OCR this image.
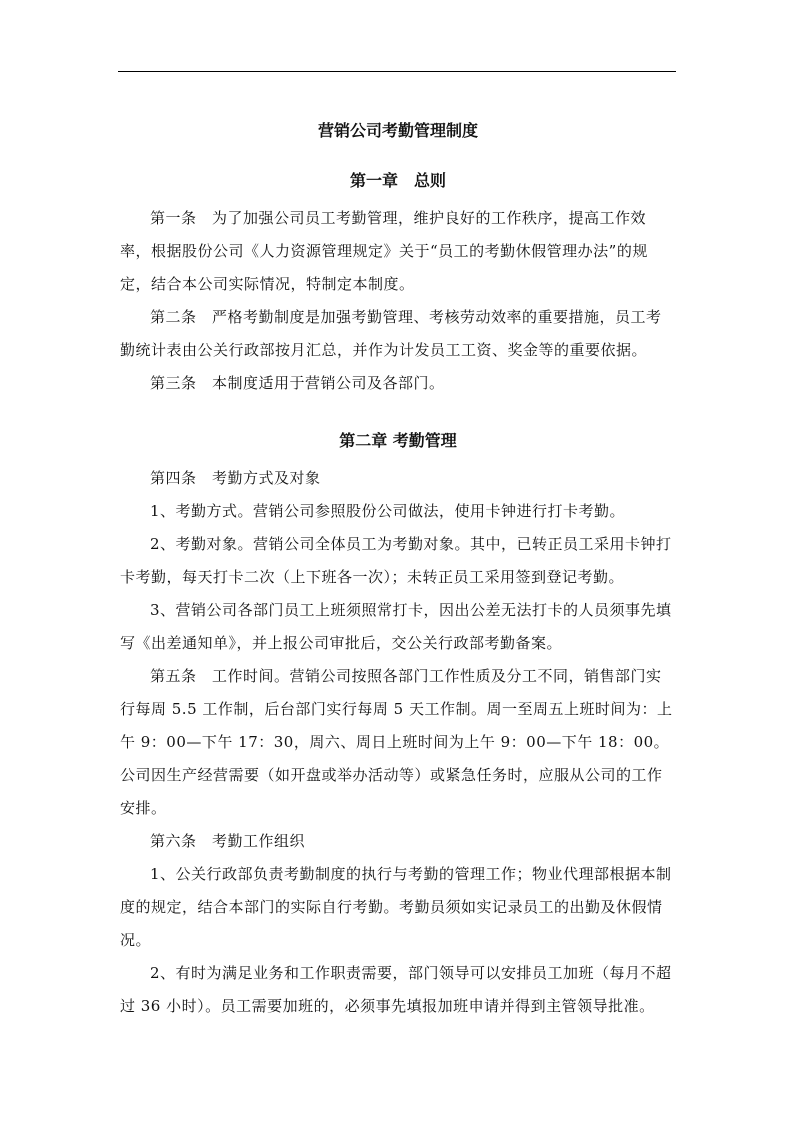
营销公司考勤管理制度
第一章　总则

第一条　为了加强公司员工考勤管理，维护良好的工作秩序，提高工作效率，根据股份公司《人力资源管理规定》关于“员工的考勤休假管理办法”的规定，结合本公司实际情况，特制定本制度。

第二条　严格考勤制度是加强考勤管理、考核劳动效率的重要措施，员工考勤统计表由公关行政部按月汇总，并作为计发员工工资、奖金等的重要依据。

第三条　本制度适用于营销公司及各部门。

第二章 考勤管理

第四条　考勤方式及对象

1、考勤方式。营销公司参照股份公司做法，使用卡钟进行打卡考勤。

2、考勤对象。营销公司全体员工为考勤对象。其中，已转正员工采用卡钟打卡考勤，每天打卡二次（上下班各一次）；未转正员工采用签到登记考勤。

3、营销公司各部门员工上班须照常打卡，因出公差无法打卡的人员须事先填写《出差通知单》，并上报公司审批后，交公关行政部考勤备案。

第五条　工作时间。营销公司按照各部门工作性质及分工不同，销售部门实行每周 5.5 工作制，后台部门实行每周 5 天工作制。周一至周五上班时间为：上午 9：00—下午 17：30，周六、周日上班时间为上午 9：00—下午 18：00。公司因生产经营需要（如开盘或举办活动等）或紧急任务时，应服从公司的工作安排。

第六条　考勤工作组织

1、公关行政部负责考勤制度的执行与考勤的管理工作；物业代理部根据本制度的规定，结合本部门的实际自行考勤。考勤员须如实记录员工的出勤及休假情况。

2、有时为满足业务和工作职责需要，部门领导可以安排员工加班（每月不超过 36 小时）。员工需要加班的，必须事先填报加班申请并得到主管领导批准。
